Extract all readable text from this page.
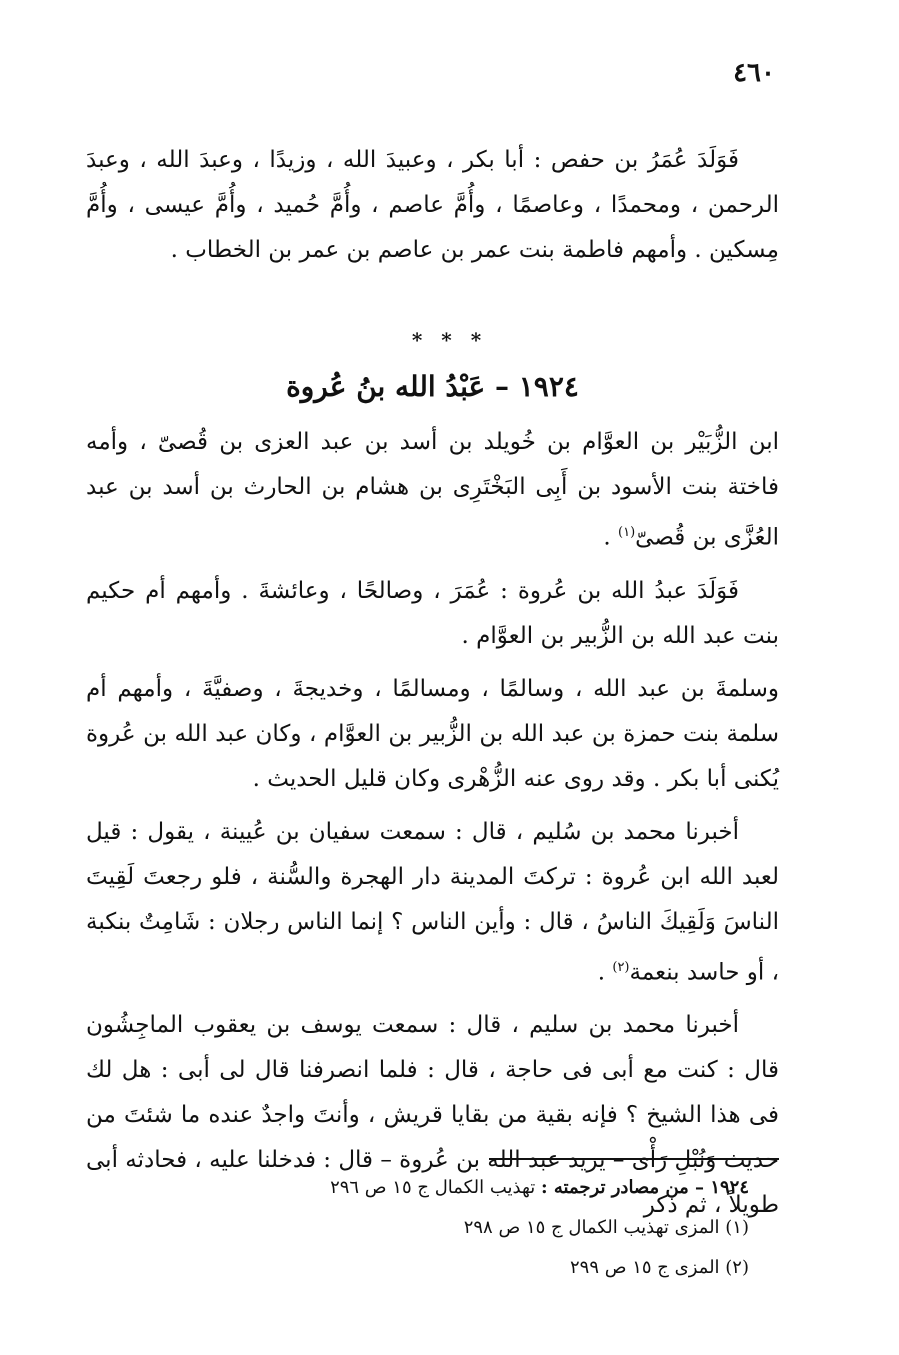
٤٦٠

فَوَلَدَ عُمَرُ بن حفص : أبا بكر ، وعبيدَ الله ، وزيدًا ، وعبدَ الله ، وعبدَ الرحمن ، ومحمدًا ، وعاصمًا ، وأُمَّ عاصم ، وأُمَّ حُميد ، وأُمَّ عيسى ، وأُمَّ مِسكين . وأمهم فاطمة بنت عمر بن عاصم بن عمر بن الخطاب .

* * *
١٩٢٤ – عَبْدُ الله بنُ عُروة

ابن الزُّبَيْر بن العوَّام بن خُويلد بن أسد بن عبد العزى بن قُصىّ ، وأمه فاختة بنت الأسود بن أَبِى البَخْتَرِى بن هشام بن الحارث بن أسد بن عبد العُزَّى بن قُصىّ$^{(١)}$ .

فَوَلَدَ عبدُ الله بن عُروة : عُمَرَ ، وصالحًا ، وعائشةَ . وأمهم أم حكيم بنت عبد الله بن الزُّبير بن العوَّام .

وسلمةَ بن عبد الله ، وسالمًا ، ومسالمًا ، وخديجةَ ، وصفيَّةَ ، وأمهم أم سلمة بنت حمزة بن عبد الله بن الزُّبير بن العوَّام ، وكان عبد الله بن عُروة يُكنى أبا بكر . وقد روى عنه الزُّهْرى وكان قليل الحديث .

أخبرنا محمد بن سُليم ، قال : سمعت سفيان بن عُيينة ، يقول : قيل لعبد الله ابن عُروة : تركتَ المدينة دار الهجرة والسُّنة ، فلو رجعتَ لَقِيتَ الناسَ وَلَقِيكَ الناسُ ، قال : وأين الناس ؟ إنما الناس رجلان : شَامِتٌ بنكبة ، أو حاسد بنعمة$^{(٢)}$ .

أخبرنا محمد بن سليم ، قال : سمعت يوسف بن يعقوب الماجِشُون قال : كنت مع أبى فى حاجة ، قال : فلما انصرفنا قال لى أبى : هل لك فى هذا الشيخ ؟ فإنه بقية من بقايا قريش ، وأنتَ واجدٌ عنده ما شئتَ من حديث وَنُبْلِ رَأْى – يريد عبد الله بن عُروة – قال : فدخلنا عليه ، فحادثه أبى طويلاً ، ثم ذكر

١٩٢٤ – من مصادر ترجمته : تهذيب الكمال ج ١٥ ص ٢٩٦

(١) المزى تهذيب الكمال ج ١٥ ص ٢٩٨

(٢) المزى ج ١٥ ص ٢٩٩
